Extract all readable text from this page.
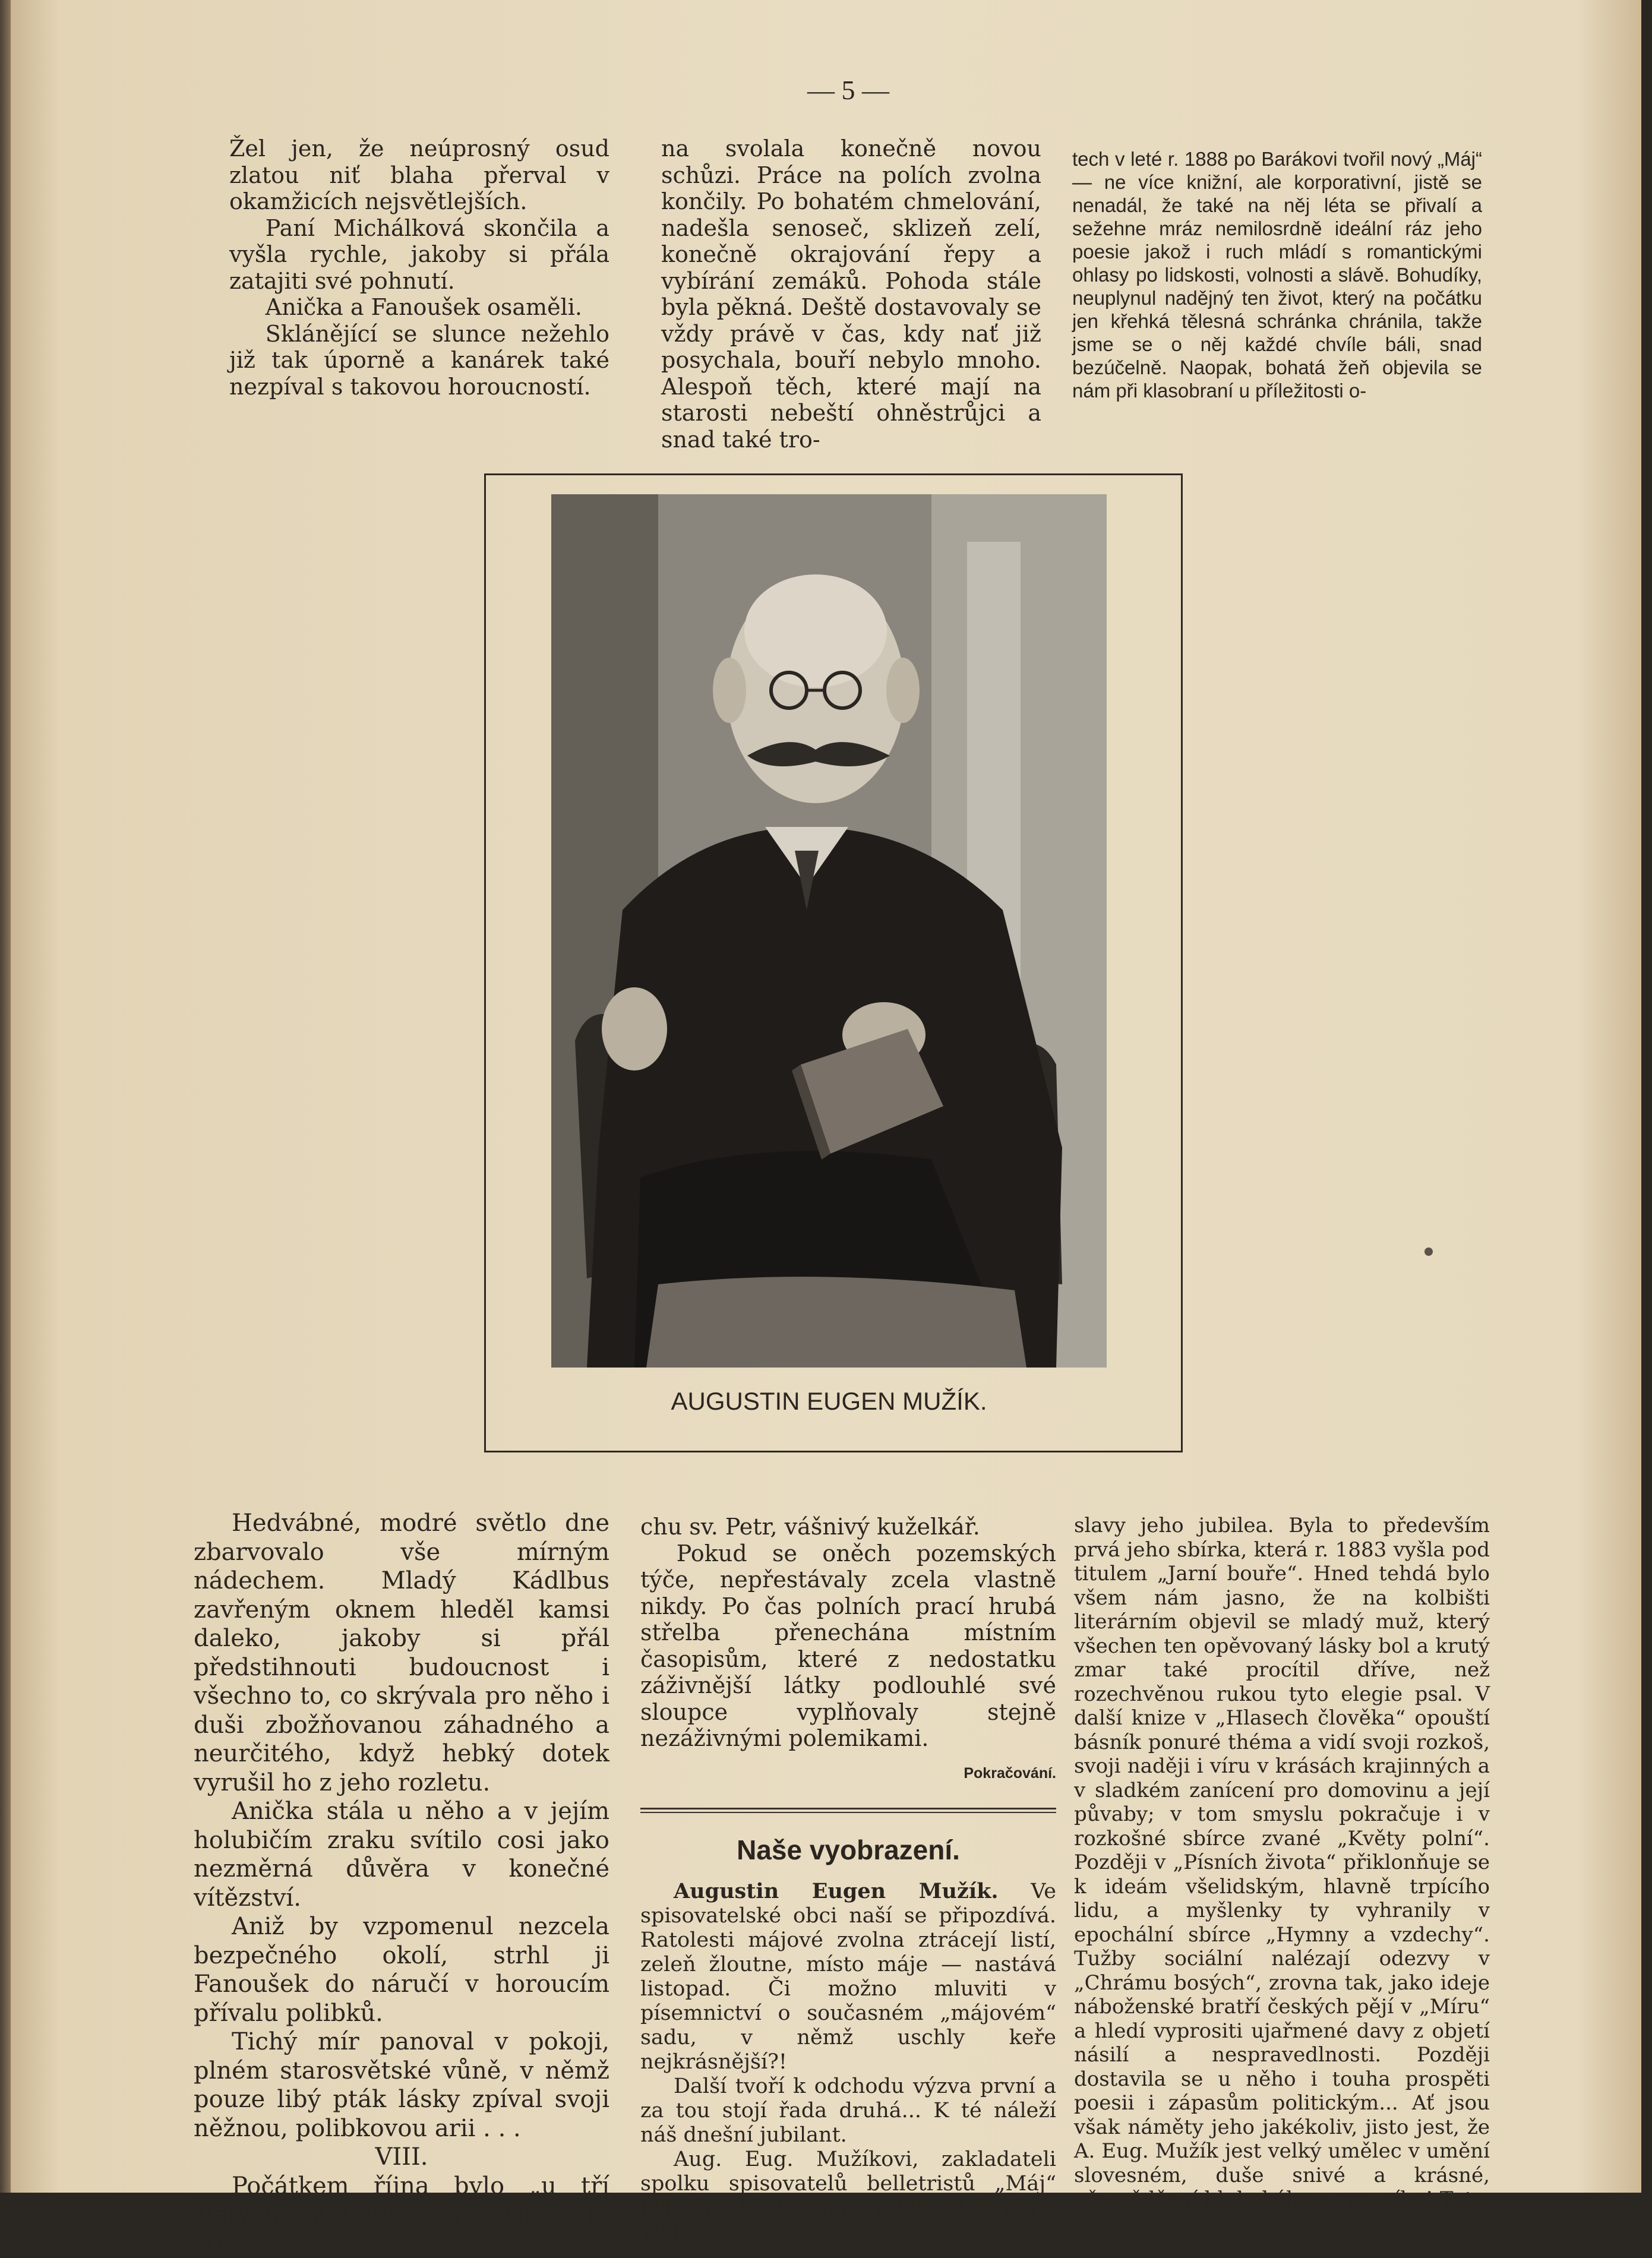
— 5 —

Žel jen, že neúprosný osud zlatou niť blaha přerval v okamžicích nejsvětlejších.

Paní Michálková skončila a vyšla rychle, jakoby si přála zatajiti své pohnutí.

Anička a Fanoušek osaměli.

Sklánějící se slunce nežehlo již tak úporně a kanárek také nezpíval s takovou horoucností.

na svolala konečně novou schůzi. Práce na polích zvolna končily. Po bohatém chmelování, nadešla senoseč, sklizeň zelí, konečně okrajování řepy a vybírání zemáků. Pohoda stále byla pěkná. Deště dostavovaly se vždy právě v čas, kdy nať již posychala, bouří nebylo mnoho. Alespoň těch, které mají na starosti nebeští ohněstrůjci a snad také tro-

tech v leté r. 1888 po Barákovi tvořil nový „Máj“ — ne více knižní, ale korporativní, jistě se nenadál, že také na něj léta se přivalí a sežehne mráz nemilosrdně ideální ráz jeho poesie jakož i ruch mládí s romantickými ohlasy po lidskosti, volnosti a slávě. Bohudíky, neuplynul nadějný ten život, který na počátku jen křehká tělesná schránka chránila, takže jsme se o něj každé chvíle báli, snad bezúčelně. Naopak, bohatá žeň objevila se nám při klasobraní u příležitosti o-

AUGUSTIN EUGEN MUŽÍK.

Hedvábné, modré světlo dne zbarvovalo vše mírným nádechem. Mladý Kádlbus zavřeným oknem hleděl kamsi daleko, jakoby si přál předstihnouti budoucnost i všechno to, co skrývala pro něho i duši zbožňovanou záhadného a neurčitého, když hebký dotek vyrušil ho z jeho rozletu.

Anička stála u něho a v jejím holubičím zraku svítilo cosi jako nezměrná důvěra v konečné vítězství.

Aniž by vzpomenul nezcela bezpečného okolí, strhl ji Fanoušek do náručí v horoucím přívalu polibků.

Tichý mír panoval v pokoji, plném starosvětské vůně, v němž pouze libý pták lásky zpíval svoji něžnou, polibkovou arii . . .

VIII.

Počátkem října bylo „u tří zlatých jatelinek“ živo. Oposiční stra-

chu sv. Petr, vášnivý kuželkář.

Pokud se oněch pozemských týče, nepřestávaly zcela vlastně nikdy. Po čas polních prací hrubá střelba přenechána místním časopisům, které z nedostatku záživnější látky podlouhlé své sloupce vyplňovaly stejně nezáživnými polemikami.

Pokračování.

Naše vyobrazení.

Augustin Eugen Mužík. Ve spisovatelské obci naší se připozdívá. Ratolesti májové zvolna ztrácejí listí, zeleň žloutne, místo máje — nastává listopad. Či možno mluviti v písemnictví o současném „májovém“ sadu, v němž uschly keře nejkrásnější?!

Další tvoří k odchodu výzva první a za tou stojí řada druhá... K té náleží náš dnešní jubilant.

Aug. Eug. Mužíkovi, zakladateli spolku spisovatelů belletristů „Máj“ bylo dne 15. května t. r. 50 let! Když po 29 le-

slavy jeho jubilea. Byla to především prvá jeho sbírka, která r. 1883 vyšla pod titulem „Jarní bouře“. Hned tehdá bylo všem nám jasno, že na kolbišti literárním objevil se mladý muž, který všechen ten opěvovaný lásky bol a krutý zmar také procítil dříve, než rozechvěnou rukou tyto elegie psal. V další knize v „Hlasech člověka“ opouští básník ponuré théma a vidí svoji rozkoš, svoji naději i víru v krásách krajinných a v sladkém zanícení pro domovinu a její půvaby; v tom smyslu pokračuje i v rozkošné sbírce zvané „Květy polní“. Později v „Písních života“ přiklonňuje se k ideám všelidským, hlavně trpícího lidu, a myšlenky ty vyhranily v epochální sbírce „Hymny a vzdechy“. Tužby sociální nalézají odezvy v „Chrámu bosých“, zrovna tak, jako ideje náboženské bratří českých pějí v „Míru“ a hledí vyprositi ujařmené davy z objetí násilí a nespravedlnosti. Později dostavila se u něho i touha prospěti poesii i zápasům politickým... Ať jsou však náměty jeho jakékoliv, jisto jest, že A. Eug. Mužík jest velký umělec v umění slovesném, duše snivé a krásné, přesvědčení hlubokého a vroucího! Tyto
